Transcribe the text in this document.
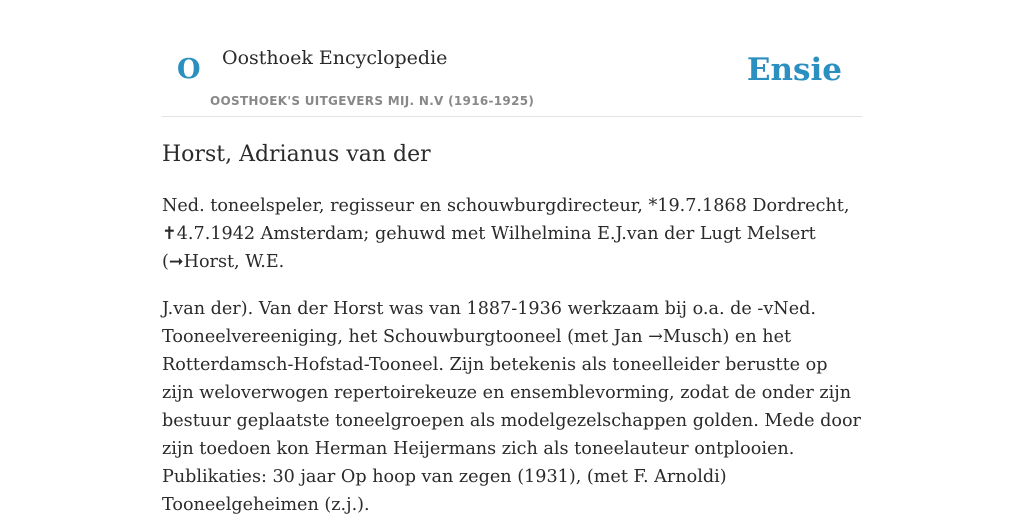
O Oosthoek Encyclopedie
OOSTHOEK'S UITGEVERS MIJ. N.V (1916-1925)
Ensie
Horst, Adrianus van der

Ned. toneelspeler, regisseur en schouwburgdirecteur, *19.7.1868 Dordrecht, ✝4.7.1942 Amsterdam; gehuwd met Wilhelmina E.J.van der Lugt Melsert (➞Horst, W.E.

J.van der). Van der Horst was van 1887-1936 werkzaam bij o.a. de -vNed. Tooneelvereeniging, het Schouwburgtooneel (met Jan →Musch) en het Rotterdamsch-Hofstad-Tooneel. Zijn betekenis als toneelleider berustte op zijn weloverwogen repertoirekeuze en ensemblevorming, zodat de onder zijn bestuur geplaatste toneelgroepen als modelgezelschappen golden. Mede door zijn toedoen kon Herman Heijermans zich als toneelauteur ontplooien. Publikaties: 30 jaar Op hoop van zegen (1931), (met F. Arnoldi) Tooneelgeheimen (z.j.).
